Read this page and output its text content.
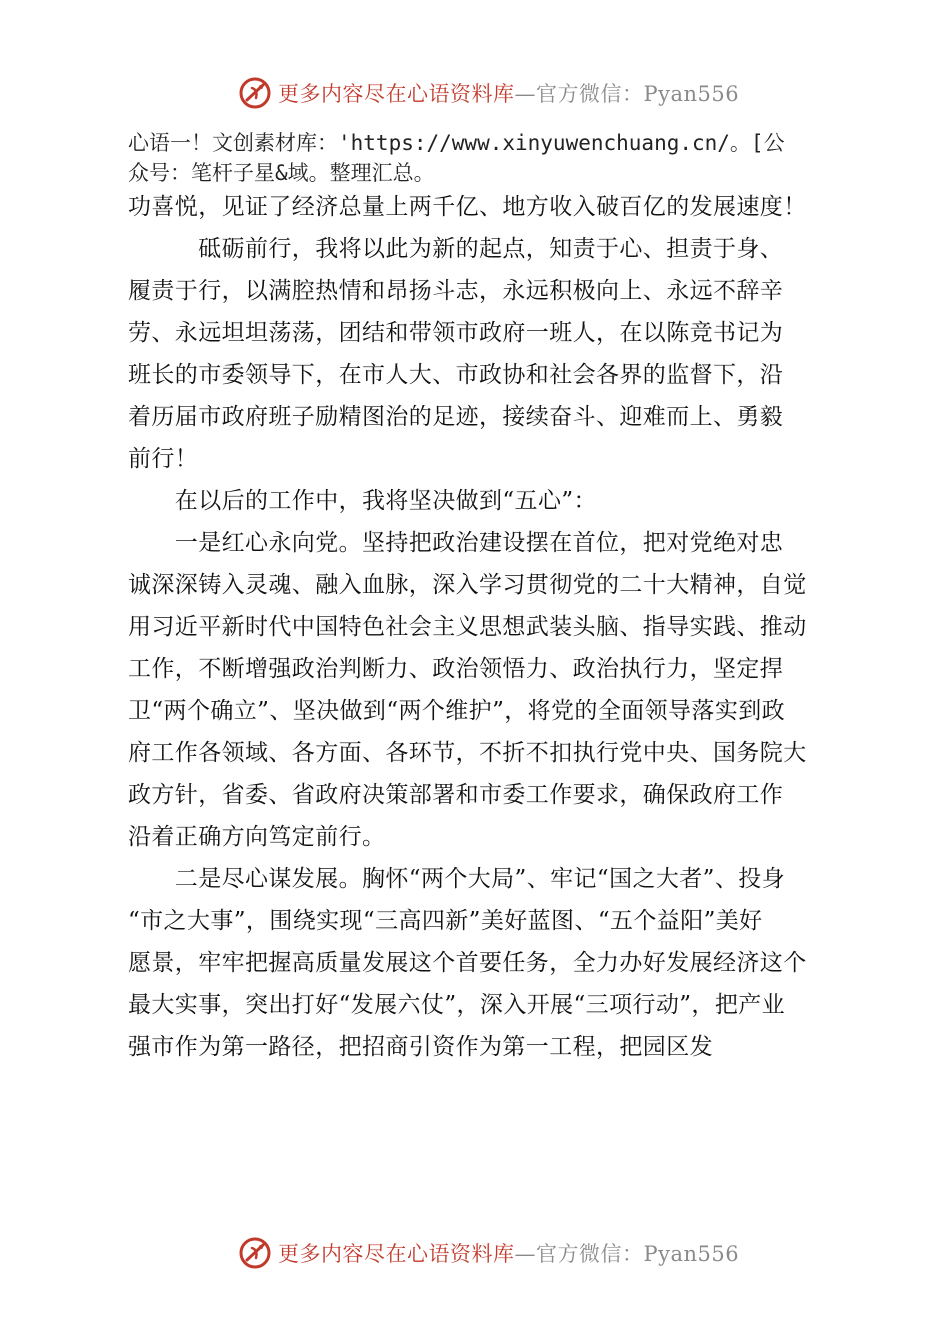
更多内容尽在心语资料库—官方微信：Pyan556
心语一！文创素材库：'https://www.xinyuwenchuang.cn/。[公
众号：笔杆子星&域。整理汇总。

功喜悦，见证了经济总量上两千亿、地方收入破百亿的发展速度！

　　　砥砺前行，我将以此为新的起点，知责于心、担责于身、

履责于行，以满腔热情和昂扬斗志，永远积极向上、永远不辞辛

劳、永远坦坦荡荡，团结和带领市政府一班人，在以陈竞书记为

班长的市委领导下，在市人大、市政协和社会各界的监督下，沿

着历届市政府班子励精图治的足迹，接续奋斗、迎难而上、勇毅

前行！

　　在以后的工作中，我将坚决做到“五心”：

　　一是红心永向党。坚持把政治建设摆在首位，把对党绝对忠

诚深深铸入灵魂、融入血脉，深入学习贯彻党的二十大精神，自觉

用习近平新时代中国特色社会主义思想武装头脑、指导实践、推动

工作，不断增强政治判断力、政治领悟力、政治执行力，坚定捍

卫“两个确立”、坚决做到“两个维护”，将党的全面领导落实到政

府工作各领域、各方面、各环节，不折不扣执行党中央、国务院大

政方针，省委、省政府决策部署和市委工作要求，确保政府工作

沿着正确方向笃定前行。

　　二是尽心谋发展。胸怀“两个大局”、牢记“国之大者”、投身

“市之大事”，围绕实现“三高四新”美好蓝图、“五个益阳”美好

愿景，牢牢把握高质量发展这个首要任务，全力办好发展经济这个

最大实事，突出打好“发展六仗”，深入开展“三项行动”，把产业

强市作为第一路径，把招商引资作为第一工程，把园区发

更多内容尽在心语资料库—官方微信：Pyan556
